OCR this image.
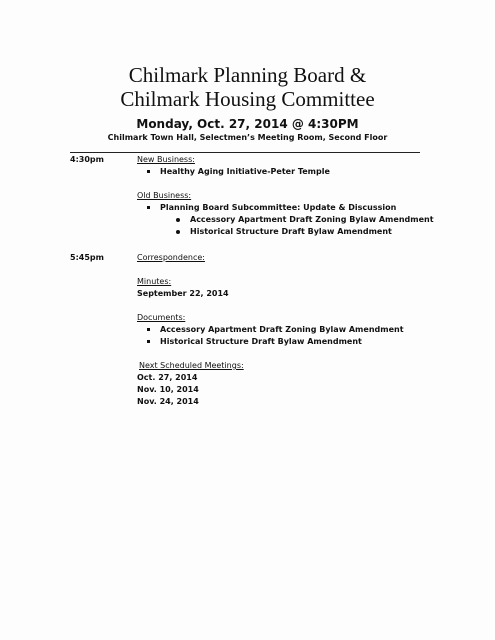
Chilmark Planning Board &
Chilmark Housing Committee
Monday, Oct. 27, 2014 @ 4:30PM
Chilmark Town Hall, Selectmen’s Meeting Room, Second Floor
4:30pm	New Business:
Healthy Aging Initiative-Peter Temple
Old Business:
Planning Board Subcommittee: Update & Discussion
Accessory Apartment Draft Zoning Bylaw Amendment
Historical Structure Draft Bylaw Amendment
5:45pm	Correspondence:
Minutes:
September 22, 2014
Documents:
Accessory Apartment Draft Zoning Bylaw Amendment
Historical Structure Draft Bylaw Amendment
Next Scheduled Meetings:
Oct. 27, 2014
Nov. 10, 2014
Nov. 24, 2014
